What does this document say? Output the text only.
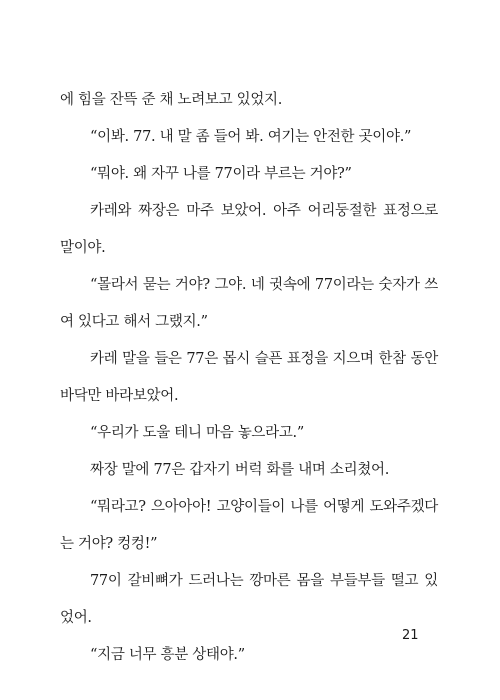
에 힘을 잔뜩 준 채 노려보고 있었지.

“이봐. 77. 내 말 좀 들어 봐. 여기는 안전한 곳이야.”

“뭐야. 왜 자꾸 나를 77이라 부르는 거야?”

카레와 짜장은 마주 보았어. 아주 어리둥절한 표정으로 말이야.

“몰라서 묻는 거야? 그야. 네 귓속에 77이라는 숫자가 쓰여 있다고 해서 그랬지.”

카레 말을 들은 77은 몹시 슬픈 표정을 지으며 한참 동안 바닥만 바라보았어.

“우리가 도울 테니 마음 놓으라고.”

짜장 말에 77은 갑자기 버럭 화를 내며 소리쳤어.

“뭐라고? 으아아아! 고양이들이 나를 어떻게 도와주겠다는 거야? 컹컹!”

77이 갈비뼈가 드러나는 깡마른 몸을 부들부들 떨고 있었어.

“지금 너무 흥분 상태야.”

21
